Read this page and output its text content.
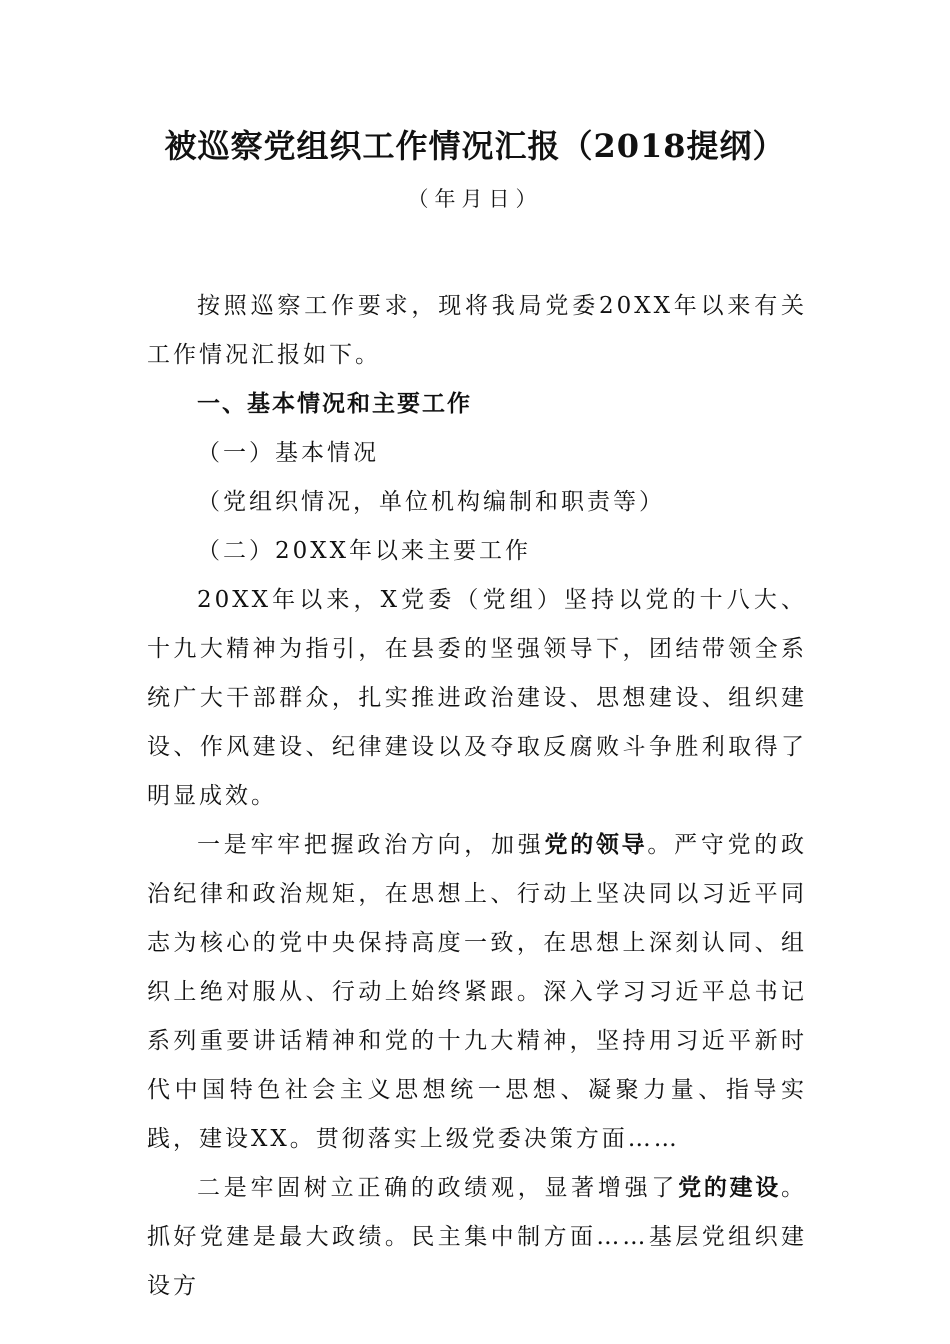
被巡察党组织工作情况汇报（2018提纲）
（年月日）

按照巡察工作要求，现将我局党委20XX年以来有关工作情况汇报如下。

一、基本情况和主要工作

（一）基本情况

（党组织情况，单位机构编制和职责等）

（二）20XX年以来主要工作

20XX年以来，X党委（党组）坚持以党的十八大、十九大精神为指引，在县委的坚强领导下，团结带领全系统广大干部群众，扎实推进政治建设、思想建设、组织建设、作风建设、纪律建设以及夺取反腐败斗争胜利取得了明显成效。

一是牢牢把握政治方向，加强党的领导。严守党的政治纪律和政治规矩，在思想上、行动上坚决同以习近平同志为核心的党中央保持高度一致，在思想上深刻认同、组织上绝对服从、行动上始终紧跟。深入学习习近平总书记系列重要讲话精神和党的十九大精神，坚持用习近平新时代中国特色社会主义思想统一思想、凝聚力量、指导实践，建设XX。贯彻落实上级党委决策方面……

二是牢固树立正确的政绩观，显著增强了党的建设。抓好党建是最大政绩。民主集中制方面……基层党组织建设方
